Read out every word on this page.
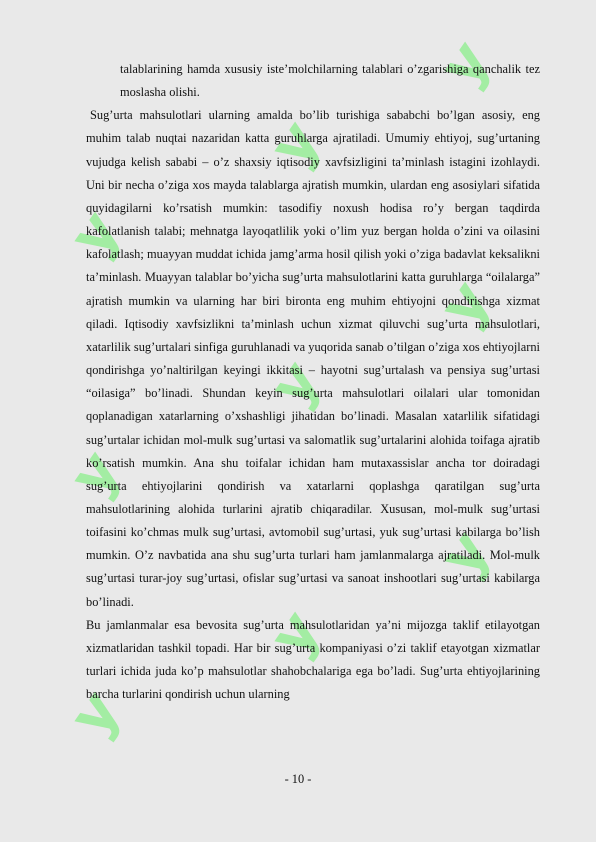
y
y
y
y
y
y
y
y
y

talablarining hamda xususiy iste’molchilarning talablari o’zgarishiga qanchalik tez moslasha olishi.

Sug’urta mahsulotlari ularning amalda bo’lib turishiga sababchi bo’lgan asosiy, eng muhim talab nuqtai nazaridan katta guruhlarga ajratiladi. Umumiy ehtiyoj, sug’urtaning vujudga kelish sababi – o’z shaxsiy iqtisodiy xavfsizligini ta’minlash istagini izohlaydi. Uni bir necha o’ziga xos mayda talablarga ajratish mumkin, ulardan eng asosiylari sifatida quyidagilarni ko’rsatish mumkin: tasodifiy noxush hodisa ro’y bergan taqdirda kafolatlanish talabi; mehnatga layoqatlilik yoki o’lim yuz bergan holda o’zini va oilasini kafolatlash; muayyan muddat ichida jamg’arma hosil qilish yoki o’ziga badavlat keksalikni ta’minlash. Muayyan talablar bo’yicha sug’urta mahsulotlarini katta guruhlarga “oilalarga” ajratish mumkin va ularning har biri bironta eng muhim ehtiyojni qondirishga xizmat qiladi. Iqtisodiy xavfsizlikni ta’minlash uchun xizmat qiluvchi sug’urta mahsulotlari, xatarlilik sug’urtalari sinfiga guruhlanadi va yuqorida sanab o’tilgan o’ziga xos ehtiyojlarni qondirishga yo’naltirilgan keyingi ikkitasi – hayotni sug’urtalash va pensiya sug’urtasi “oilasiga” bo’linadi. Shundan keyin sug’urta mahsulotlari oilalari ular tomonidan qoplanadigan xatarlarning o’xshashligi jihatidan bo’linadi. Masalan xatarlilik sifatidagi sug’urtalar ichidan mol-mulk sug’urtasi va salomatlik sug’urtalarini alohida toifaga ajratib ko’rsatish mumkin. Ana shu toifalar ichidan ham mutaxassislar ancha tor doiradagi sug’urta ehtiyojlarini qondirish va xatarlarni qoplashga qaratilgan sug’urta mahsulotlarining alohida turlarini ajratib chiqaradilar. Xususan, mol-mulk sug’urtasi toifasini ko’chmas mulk sug’urtasi, avtomobil sug’urtasi, yuk sug’urtasi kabilarga bo’lish mumkin. O’z navbatida ana shu sug’urta turlari ham jamlanmalarga ajratiladi. Mol-mulk sug’urtasi turar-joy sug’urtasi, ofislar sug’urtasi va sanoat inshootlari sug’urtasi kabilarga bo’linadi.

Bu jamlanmalar esa bevosita sug’urta mahsulotlaridan ya’ni mijozga taklif etilayotgan xizmatlaridan tashkil topadi. Har bir sug’urta kompaniyasi o’zi taklif etayotgan xizmatlar turlari ichida juda ko’p mahsulotlar shahobchalariga ega bo’ladi. Sug’urta ehtiyojlarining barcha turlarini qondirish uchun ularning

- 10 -
